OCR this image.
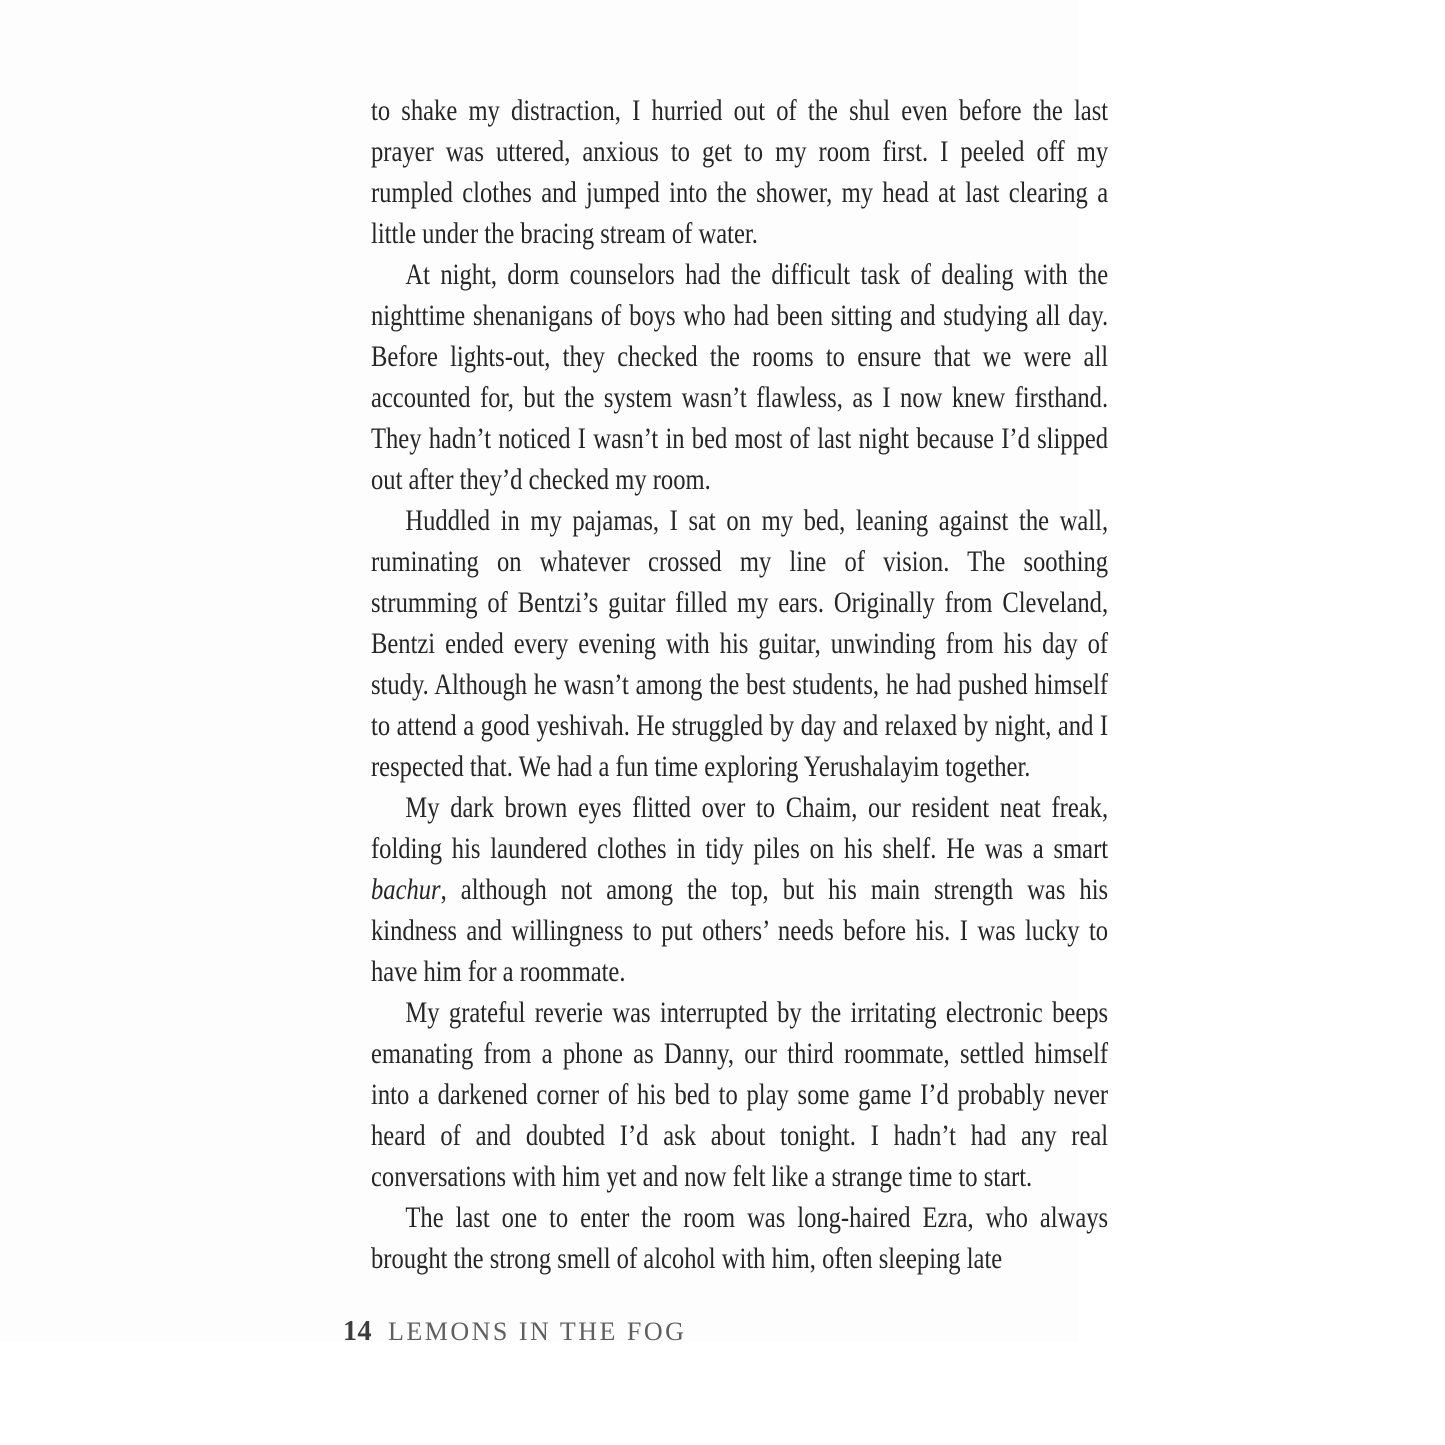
to shake my distraction, I hurried out of the shul even before the last prayer was uttered, anxious to get to my room first. I peeled off my rumpled clothes and jumped into the shower, my head at last clearing a little under the bracing stream of water.

At night, dorm counselors had the difficult task of dealing with the nighttime shenanigans of boys who had been sitting and studying all day. Before lights-out, they checked the rooms to ensure that we were all accounted for, but the system wasn’t flawless, as I now knew firsthand. They hadn’t noticed I wasn’t in bed most of last night because I’d slipped out after they’d checked my room.

Huddled in my pajamas, I sat on my bed, leaning against the wall, ruminating on whatever crossed my line of vision. The soothing strumming of Bentzi’s guitar filled my ears. Originally from Cleveland, Bentzi ended every evening with his guitar, unwinding from his day of study. Although he wasn’t among the best students, he had pushed himself to attend a good yeshivah. He struggled by day and relaxed by night, and I respected that. We had a fun time exploring Yerushalayim together.

My dark brown eyes flitted over to Chaim, our resident neat freak, folding his laundered clothes in tidy piles on his shelf. He was a smart bachur, although not among the top, but his main strength was his kindness and willingness to put others’ needs before his. I was lucky to have him for a roommate.

My grateful reverie was interrupted by the irritating electronic beeps emanating from a phone as Danny, our third roommate, settled himself into a darkened corner of his bed to play some game I’d probably never heard of and doubted I’d ask about tonight. I hadn’t had any real conversations with him yet and now felt like a strange time to start.

The last one to enter the room was long-haired Ezra, who always brought the strong smell of alcohol with him, often sleeping late

14 LEMONS IN THE FOG
